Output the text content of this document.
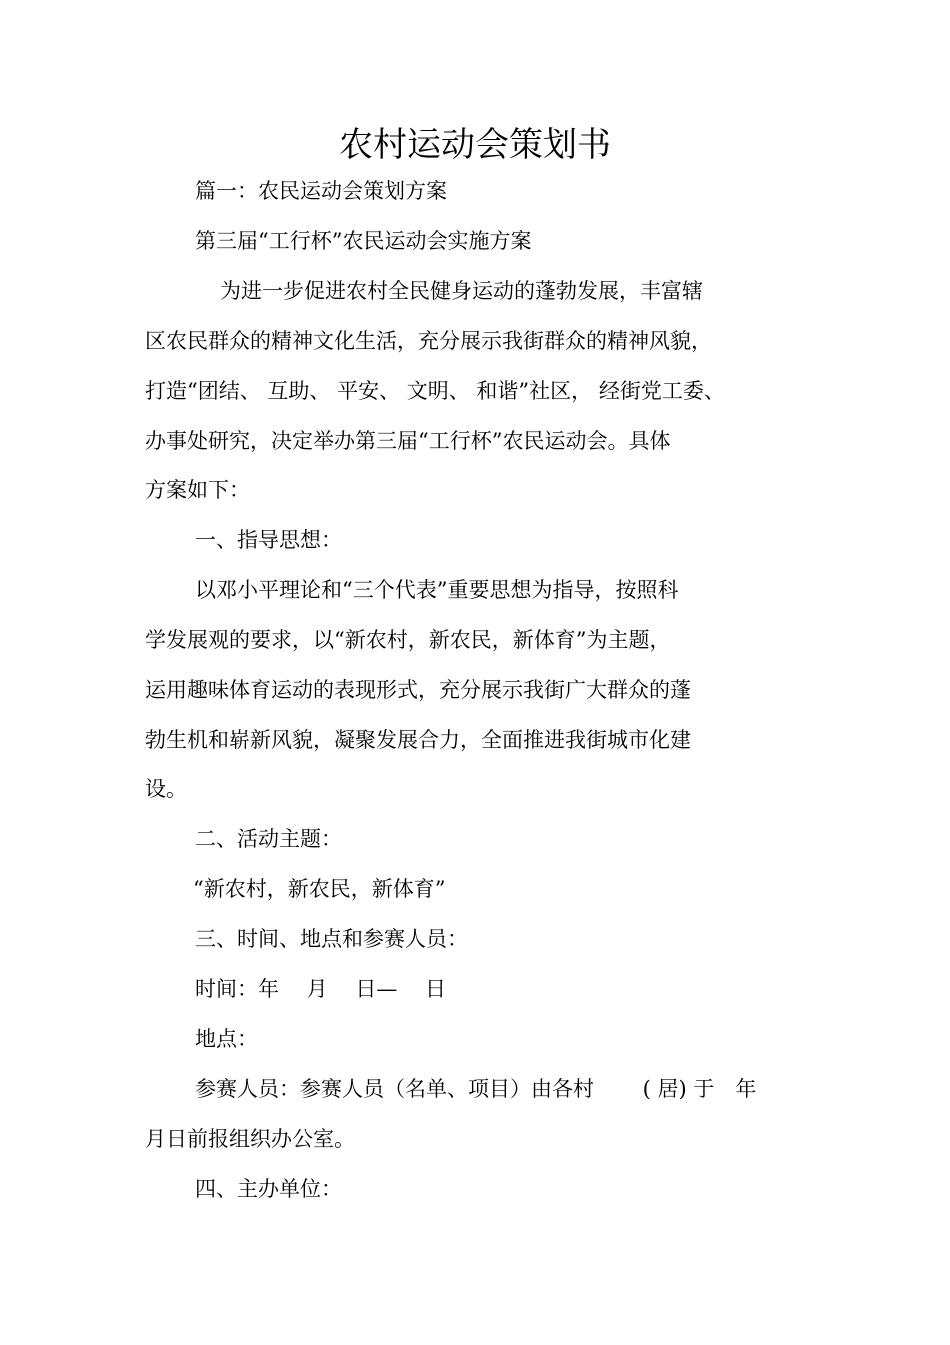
农村运动会策划书
篇一：农民运动会策划方案
第三届“工行杯”农民运动会实施方案
为进一步促进农村全民健身运动的蓬勃发展，丰富辖
区农民群众的精神文化生活，充分展示我街群众的精神风貌，
打造“团结、 互助、 平安、 文明、 和谐”社区， 经街党工委、
办事处研究，决定举办第三届“工行杯”农民运动会。具体
方案如下：
一、指导思想：
以邓小平理论和“三个代表”重要思想为指导，按照科
学发展观的要求，以“新农村，新农民，新体育”为主题，
运用趣味体育运动的表现形式，充分展示我街广大群众的蓬
勃生机和崭新风貌，凝聚发展合力，全面推进我街城市化建
设。
二、活动主题：
“新农村，新农民，新体育”
三、时间、地点和参赛人员：
时间：年　 月　 日—　 日
地点：
参赛人员：参赛人员（名单、项目）由各村　　 ( 居) 于　年
月日前报组织办公室。
四、主办单位：
